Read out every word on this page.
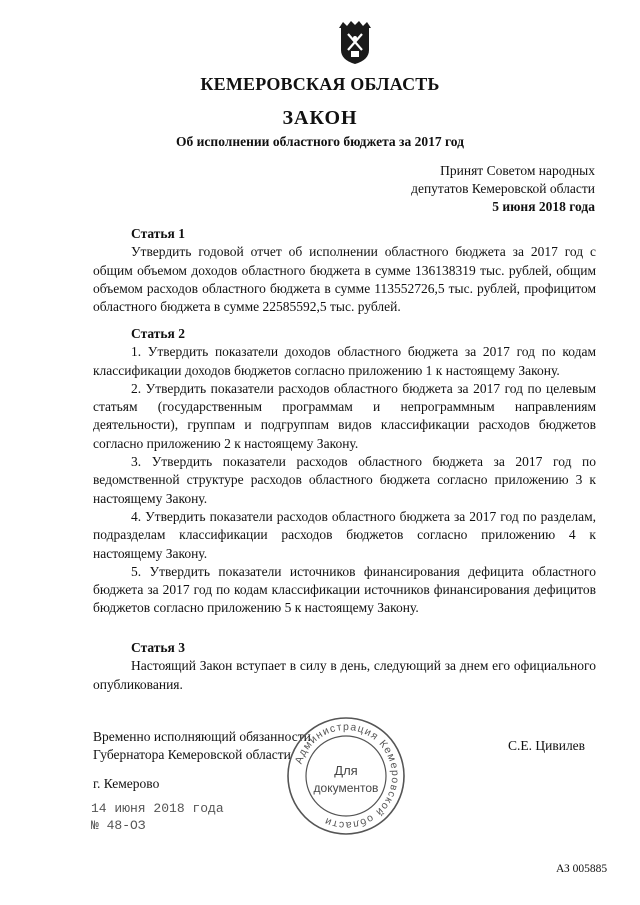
КЕМЕРОВСКАЯ ОБЛАСТЬ
ЗАКОН
Об исполнении областного бюджета за 2017 год
Принят Советом народных
депутатов Кемеровской области
5 июня 2018 года

Статья 1

Утвердить годовой отчет об исполнении областного бюджета за 2017 год с общим объемом доходов областного бюджета в сумме 136138319 тыс. рублей, общим объемом расходов областного бюджета в сумме 113552726,5 тыс. рублей, профицитом областного бюджета в сумме 22585592,5 тыс. рублей.

Статья 2

1. Утвердить показатели доходов областного бюджета за 2017 год по кодам классификации доходов бюджетов согласно приложению 1 к настоящему Закону.

2. Утвердить показатели расходов областного бюджета за 2017 год по целевым статьям (государственным программам и непрограммным направлениям деятельности), группам и подгруппам видов классификации расходов бюджетов согласно приложению 2 к настоящему Закону.

3. Утвердить показатели расходов областного бюджета за 2017 год по ведомственной структуре расходов областного бюджета согласно приложению 3 к настоящему Закону.

4. Утвердить показатели расходов областного бюджета за 2017 год по разделам, подразделам классификации расходов бюджетов согласно приложению 4 к настоящему Закону.

5. Утвердить показатели источников финансирования дефицита областного бюджета за 2017 год по кодам классификации источников финансирования дефицитов бюджетов согласно приложению 5 к настоящему Закону.

Статья 3

Настоящий Закон вступает в силу в день, следующий за днем его официального опубликования.

Временно исполняющий обязанности
Губернатора Кемеровской области
С.Е. Цивилев
Администрация Кемеровской области
Для
документов
г. Кемерово
14 июня 2018 года
№ 48-ОЗ
АЗ 005885
